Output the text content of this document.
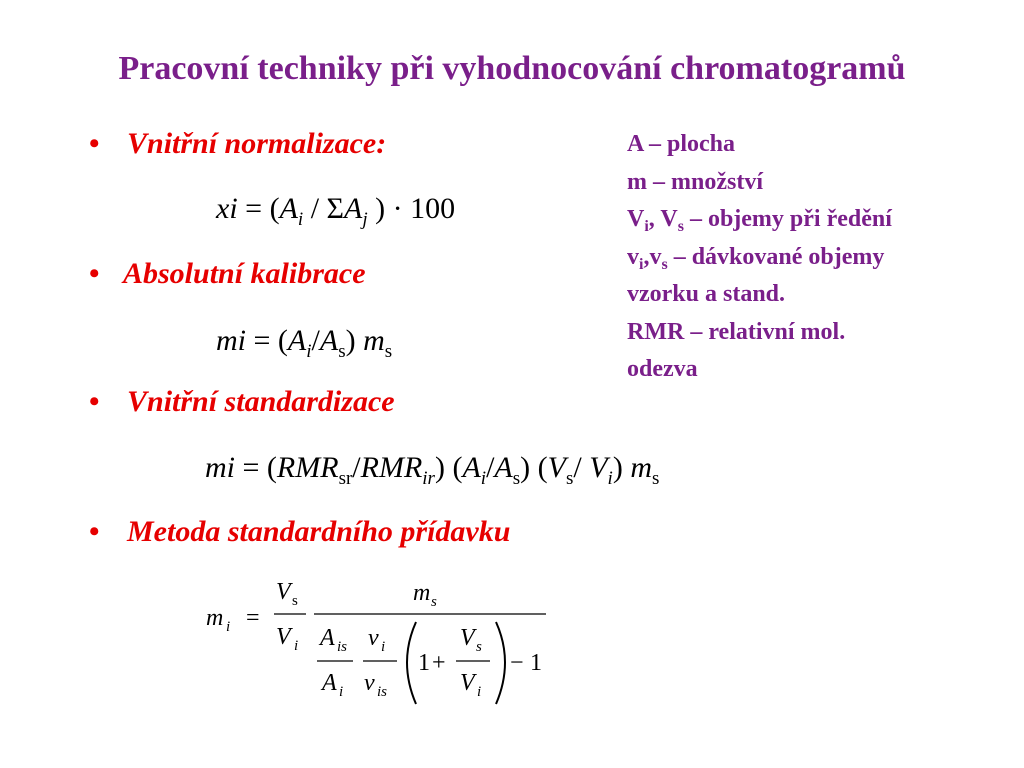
Pracovní techniky při vyhodnocování chromatogramů
• Vnitřní normalizace:
xi = ($A_i / \Sigma A_j$ ) · 100
• Absolutní kalibrace
mi = $(A_i/A_s)$ $m_s$
• Vnitřní standardizace
mi = $(RMR_{sr}/RMR_{ir})$ $(A_i/A_s)$ ($V_s/$ $V_i$) $m_s$
• Metoda standardního přídavku
A – plocha
m – množství
$V_i$, $V_s$ – objemy při ředění
$v_i,v_s$ – dávkované objemy
vzorku a stand.
RMR – relativní mol.
odezva
m i =
V s
V i
m s
A is
A i
v i
v is
1 +
V s
V i
− 1
